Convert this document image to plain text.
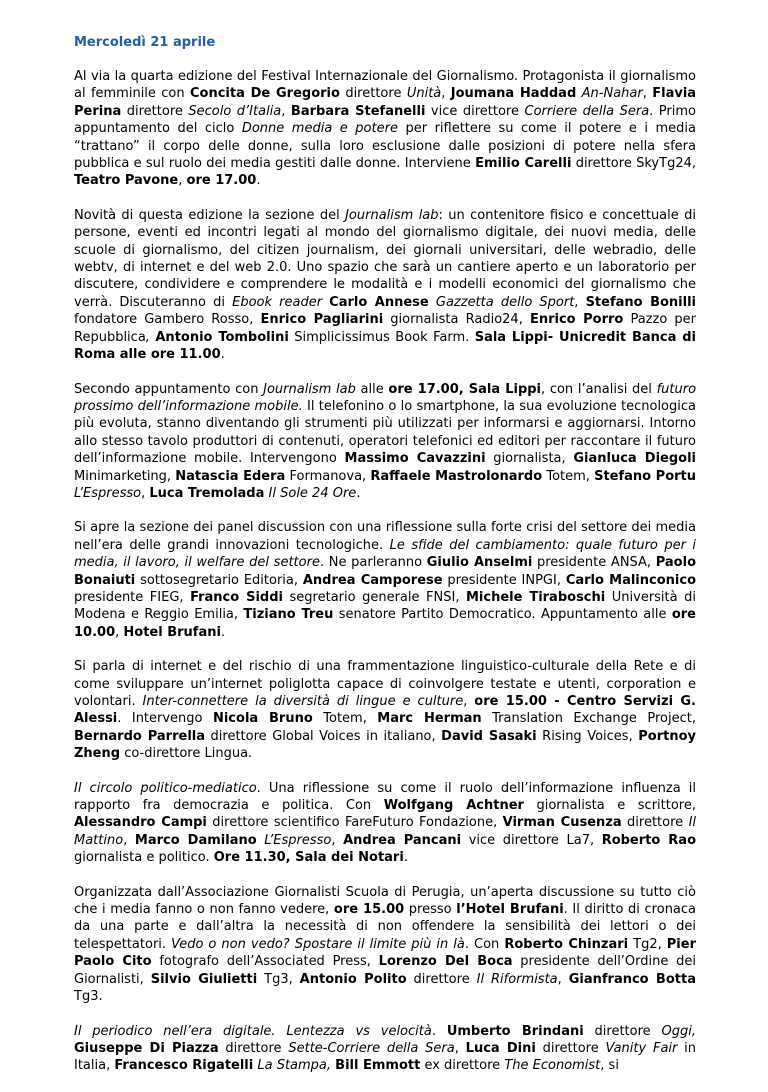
Mercoledì 21 aprile

Al via la quarta edizione del Festival Internazionale del Giornalismo. Protagonista il giornalismo al femminile con Concita De Gregorio direttore Unità, Joumana Haddad An-Nahar, Flavia Perina direttore Secolo d’Italia, Barbara Stefanelli vice direttore Corriere della Sera. Primo appuntamento del ciclo Donne media e potere per riflettere su come il potere e i media “trattano” il corpo delle donne, sulla loro esclusione dalle posizioni di potere nella sfera pubblica e sul ruolo dei media gestiti dalle donne. Interviene Emilio Carelli direttore SkyTg24, Teatro Pavone, ore 17.00.

Novità di questa edizione la sezione del Journalism lab: un contenitore fisico e concettuale di persone, eventi ed incontri legati al mondo del giornalismo digitale, dei nuovi media, delle scuole di giornalismo, del citizen journalism, dei giornali universitari, delle webradio, delle webtv, di internet e del web 2.0. Uno spazio che sarà un cantiere aperto e un laboratorio per discutere, condividere e comprendere le modalità e i modelli economici del giornalismo che verrà. Discuteranno di Ebook reader Carlo Annese Gazzetta dello Sport, Stefano Bonilli fondatore Gambero Rosso, Enrico Pagliarini giornalista Radio24, Enrico Porro Pazzo per Repubblica, Antonio Tombolini Simplicissimus Book Farm. Sala Lippi- Unicredit Banca di Roma alle ore 11.00.

Secondo appuntamento con Journalism lab alle ore 17.00, Sala Lippi, con l’analisi del futuro prossimo dell’informazione mobile. Il telefonino o lo smartphone, la sua evoluzione tecnologica più evoluta, stanno diventando gli strumenti più utilizzati per informarsi e aggiornarsi. Intorno allo stesso tavolo produttori di contenuti, operatori telefonici ed editori per raccontare il futuro dell’informazione mobile. Intervengono Massimo Cavazzini giornalista, Gianluca Diegoli Minimarketing, Natascia Edera Formanova, Raffaele Mastrolonardo Totem, Stefano Portu L’Espresso, Luca Tremolada Il Sole 24 Ore.

Si apre la sezione dei panel discussion con una riflessione sulla forte crisi del settore dei media nell’era delle grandi innovazioni tecnologiche. Le sfide del cambiamento: quale futuro per i media, il lavoro, il welfare del settore. Ne parleranno Giulio Anselmi presidente ANSA, Paolo Bonaiuti sottosegretario Editoria, Andrea Camporese presidente INPGI, Carlo Malinconico presidente FIEG, Franco Siddi segretario generale FNSI, Michele Tiraboschi Università di Modena e Reggio Emilia, Tiziano Treu senatore Partito Democratico. Appuntamento alle ore 10.00, Hotel Brufani.

Si parla di internet e del rischio di una frammentazione linguistico-culturale della Rete e di come sviluppare un’internet poliglotta capace di coinvolgere testate e utenti, corporation e volontari. Inter-connettere la diversità di lingue e culture, ore 15.00 - Centro Servizi G. Alessi. Intervengo Nicola Bruno Totem, Marc Herman Translation Exchange Project, Bernardo Parrella direttore Global Voices in italiano, David Sasaki Rising Voices, Portnoy Zheng co-direttore Lingua.

Il circolo politico-mediatico. Una riflessione su come il ruolo dell’informazione influenza il rapporto fra democrazia e politica. Con Wolfgang Achtner giornalista e scrittore, Alessandro Campi direttore scientifico FareFuturo Fondazione, Virman Cusenza direttore Il Mattino, Marco Damilano L’Espresso, Andrea Pancani vice direttore La7, Roberto Rao giornalista e politico. Ore 11.30, Sala dei Notari.

Organizzata dall’Associazione Giornalisti Scuola di Perugia, un’aperta discussione su tutto ciò che i media fanno o non fanno vedere, ore 15.00 presso l’Hotel Brufani. Il diritto di cronaca da una parte e dall’altra la necessità di non offendere la sensibilità dei lettori o dei telespettatori. Vedo o non vedo? Spostare il limite più in là. Con Roberto Chinzari Tg2, Pier Paolo Cito fotografo dell’Associated Press, Lorenzo Del Boca presidente dell’Ordine dei Giornalisti, Silvio Giulietti Tg3, Antonio Polito direttore Il Riformista, Gianfranco Botta Tg3.

Il periodico nell’era digitale. Lentezza vs velocità. Umberto Brindani direttore Oggi, Giuseppe Di Piazza direttore Sette-Corriere della Sera, Luca Dini direttore Vanity Fair in Italia, Francesco Rigatelli La Stampa, Bill Emmott ex direttore The Economist, si
